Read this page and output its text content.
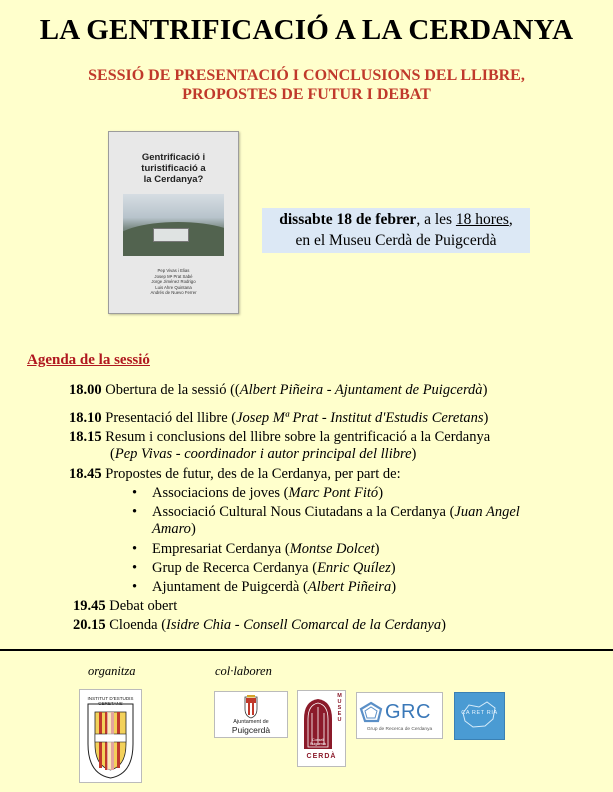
LA GENTRIFICACIÓ A LA CERDANYA
SESSIÓ DE PRESENTACIÓ I CONCLUSIONS DEL LLIBRE,
PROPOSTES DE FUTUR I DEBAT
Gentrificació i
turistificació a
la Cerdanya?
Pep Vivas i Elias
Josep Mª Prat Sabé
Jorge Jiménez Rodrigo
Luis Ahre Quintana
Andrés de Nuevo Ferrer
dissabte 18 de febrer, a les 18 hores,
en el Museu Cerdà de Puigcerdà
Agenda de la sessió
18.00 Obertura de la sessió ((Albert Piñeira - Ajuntament de Puigcerdà)
18.10 Presentació del llibre (Josep Mª Prat - Institut d'Estudis Ceretans)
18.15 Resum i conclusions del llibre sobre la gentrificació a la Cerdanya
(Pep Vivas - coordinador i autor principal del llibre)
18.45 Propostes de futur, des de la Cerdanya, per part de:
• Associacions de joves (Marc Pont Fitó)
• Associació Cultural Nous Ciutadans a la Cerdanya (Juan Angel
Amaro)
• Empresariat Cerdanya (Montse Dolcet)
• Grup de Recerca Cerdanya (Enric Quílez)
• Ajuntament de Puigcerdà (Albert Piñeira)
19.45 Debat obert
20.15 Cloenda (Isidre Chia - Consell Comarcal de la Cerdanya)
organitza	col·laboren
INSTITUT D'ESTUDIS CERETANS
Ajuntament de
Puigcerdà
MUSEU
Consell Puigcerdà
CERDÀ
GRC
Grup de Recerca de Cerdanya
CA RET RIA
